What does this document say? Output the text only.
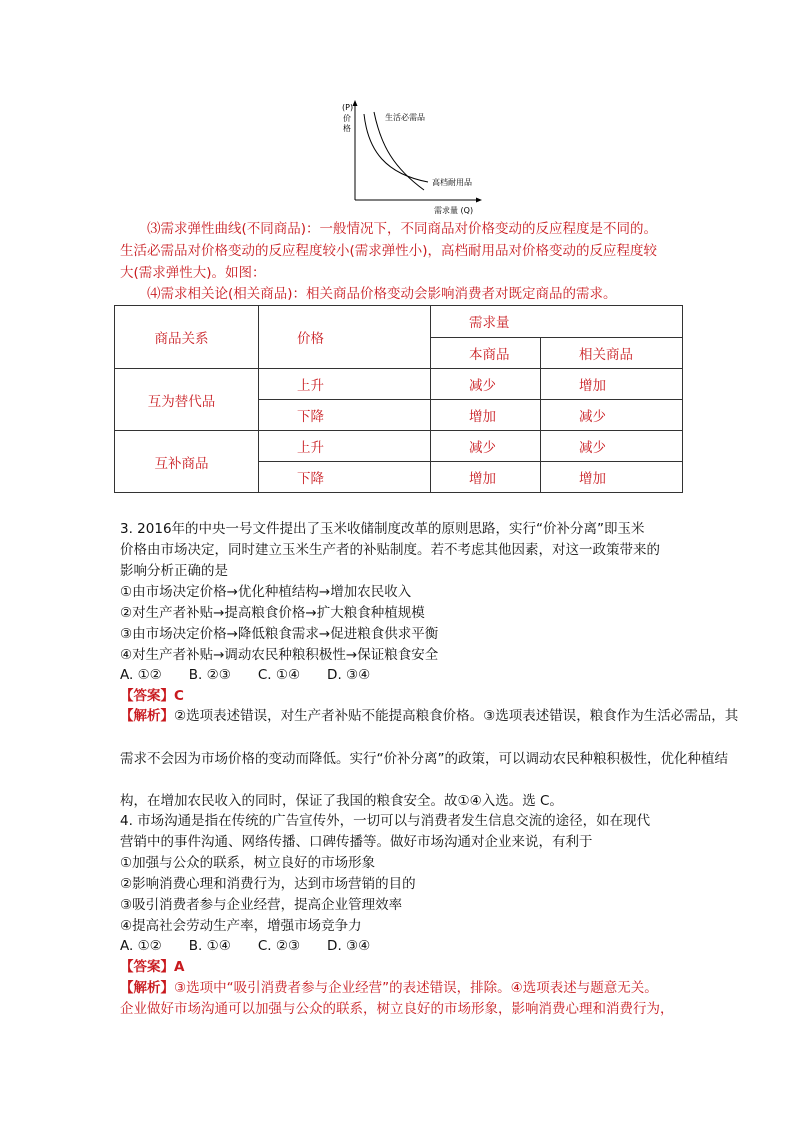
(P)
价
格
生活必需品
高档耐用品
需求量 (Q)
⑶需求弹性曲线(不同商品)：一般情况下，不同商品对价格变动的反应程度是不同的。
生活必需品对价格变动的反应程度较小(需求弹性小)，高档耐用品对价格变动的反应程度较
大(需求弹性大)。如图：
⑷需求相关论(相关商品)：相关商品价格变动会影响消费者对既定商品的需求。
商品关系	价格	需求量	
		本商品	相关商品
互为替代品	上升	减少	增加
	下降	增加	减少
互补商品	上升	减少	减少
	下降	增加	增加
3. 2016年的中央一号文件提出了玉米收储制度改革的原则思路，实行“价补分离”即玉米
价格由市场决定，同时建立玉米生产者的补贴制度。若不考虑其他因素，对这一政策带来的
影响分析正确的是
①由市场决定价格→优化种植结构→增加农民收入
②对生产者补贴→提高粮食价格→扩大粮食种植规模
③由市场决定价格→降低粮食需求→促进粮食供求平衡
④对生产者补贴→调动农民种粮积极性→保证粮食安全
A. ①②　　B. ②③　　C. ①④　　D. ③④
【答案】C
【解析】②选项表述错误，对生产者补贴不能提高粮食价格。③选项表述错误，粮食作为生活必需品，其
需求不会因为市场价格的变动而降低。实行“价补分离”的政策，可以调动农民种粮积极性，优化种植结
构，在增加农民收入的同时，保证了我国的粮食安全。故①④入选。选 C。
4. 市场沟通是指在传统的广告宣传外，一切可以与消费者发生信息交流的途径，如在现代
营销中的事件沟通、网络传播、口碑传播等。做好市场沟通对企业来说，有利于
①加强与公众的联系，树立良好的市场形象
②影响消费心理和消费行为，达到市场营销的目的
③吸引消费者参与企业经营，提高企业管理效率
④提高社会劳动生产率，增强市场竞争力
A. ①②　　B. ①④　　C. ②③　　D. ③④
【答案】A
【解析】③选项中“吸引消费者参与企业经营”的表述错误，排除。④选项表述与题意无关。
企业做好市场沟通可以加强与公众的联系，树立良好的市场形象，影响消费心理和消费行为，
